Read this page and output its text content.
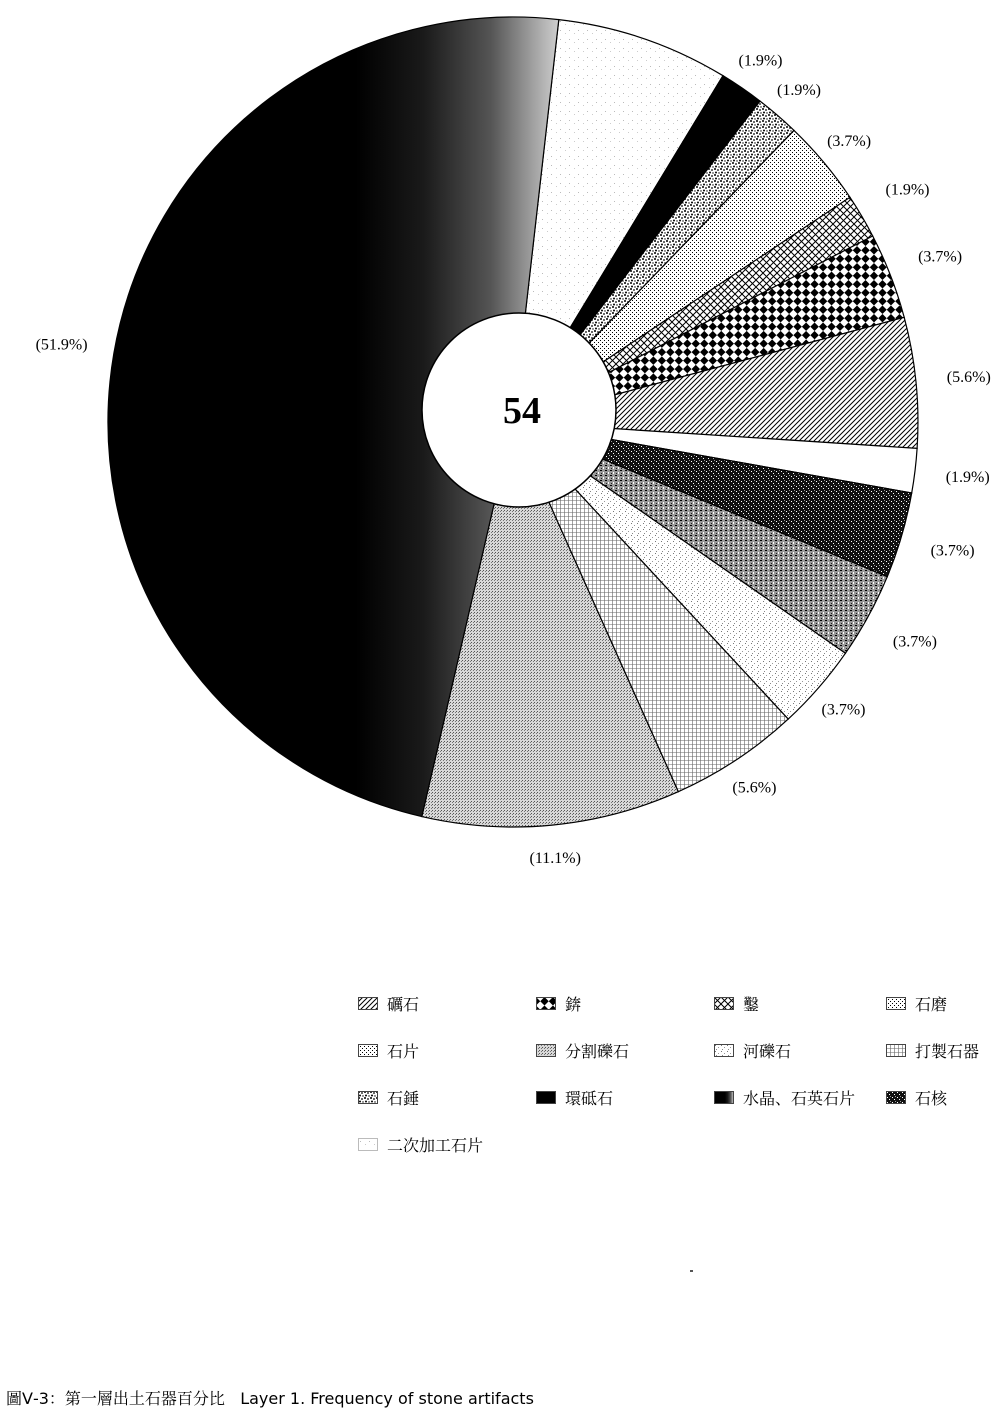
(1.9%)
(1.9%)
(3.7%)
(1.9%)
(3.7%)
(5.6%)
(1.9%)
(3.7%)
(3.7%)
(3.7%)
(5.6%)
(11.1%)
(51.9%)
54
礪石	錛	鑿	石磨
石片	分割礫石	河礫石	打製石器
石錘	環砥石	水晶、石英石片	石核
二次加工石片
圖Ⅴ-3：第一層出土石器百分比 Layer 1. Frequency of stone artifacts
